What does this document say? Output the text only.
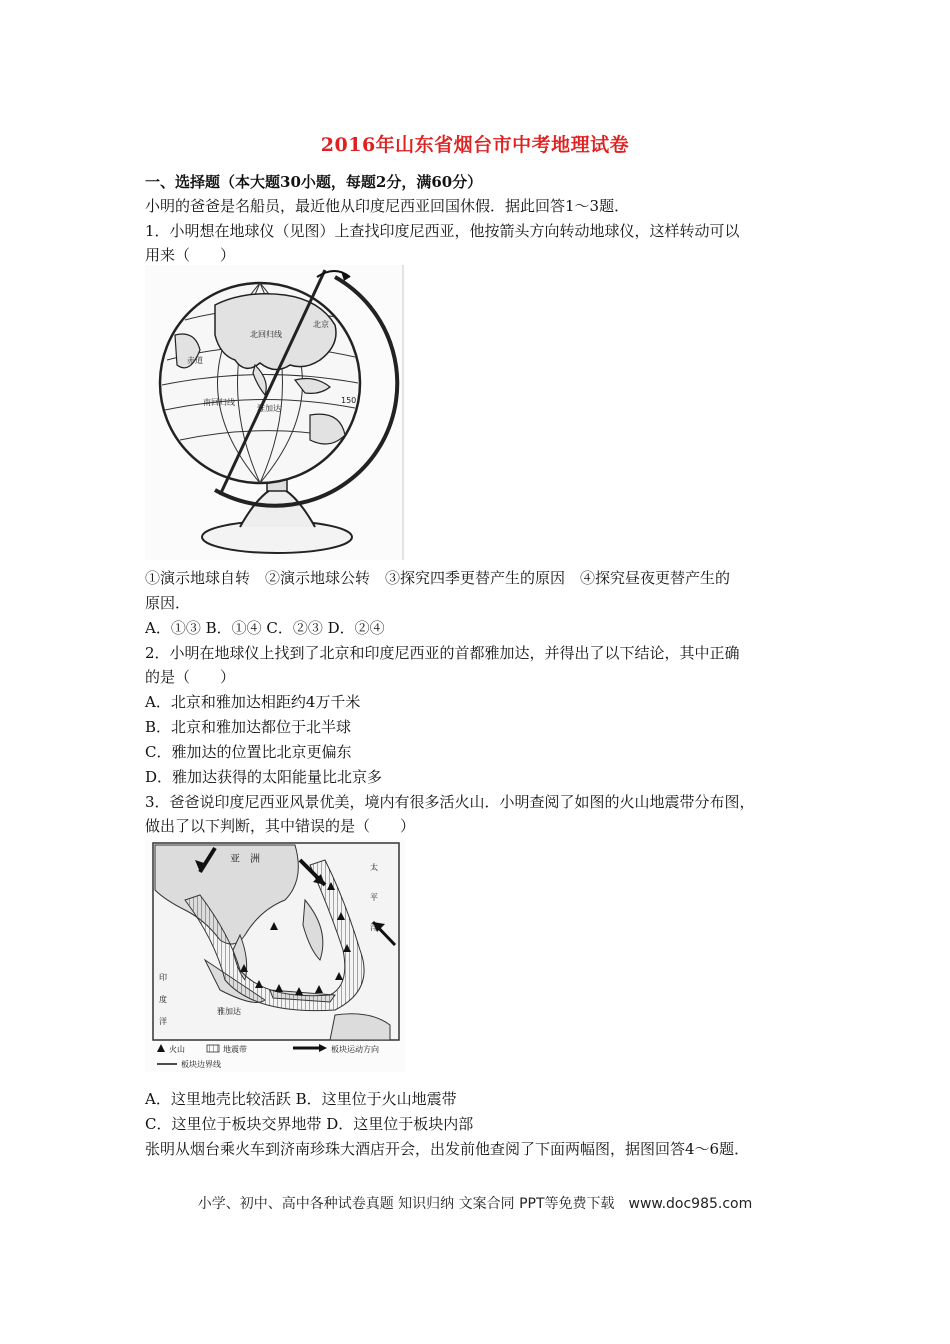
2016年山东省烟台市中考地理试卷
一、选择题（本大题30小题，每题2分，满60分）
小明的爸爸是名船员，最近他从印度尼西亚回国休假．据此回答1～3题．
1．小明想在地球仪（见图）上查找印度尼西亚，他按箭头方向转动地球仪，这样转动可以
用来（　　）
北回归线
北京
赤道
雅加达
南回归线	150
①演示地球自转　②演示地球公转　③探究四季更替产生的原因　④探究昼夜更替产生的
原因．
A．①③ B．①④ C．②③ D．②④
2．小明在地球仪上找到了北京和印度尼西亚的首都雅加达，并得出了以下结论，其中正确
的是（　　）
A．北京和雅加达相距约4万千米
B．北京和雅加达都位于北半球
C．雅加达的位置比北京更偏东
D．雅加达获得的太阳能量比北京多
3．爸爸说印度尼西亚风景优美，境内有很多活火山．小明查阅了如图的火山地震带分布图，
做出了以下判断，其中错误的是（　　）
亚　洲
太平洋
印度洋
雅加达
火山	地震带	板块运动方向
板块边界线
A．这里地壳比较活跃 B．这里位于火山地震带
C．这里位于板块交界地带 D．这里位于板块内部
张明从烟台乘火车到济南珍珠大酒店开会，出发前他查阅了下面两幅图，据图回答4～6题．
小学、初中、高中各种试卷真题 知识归纳 文案合同 PPT等免费下载　www.doc985.com
